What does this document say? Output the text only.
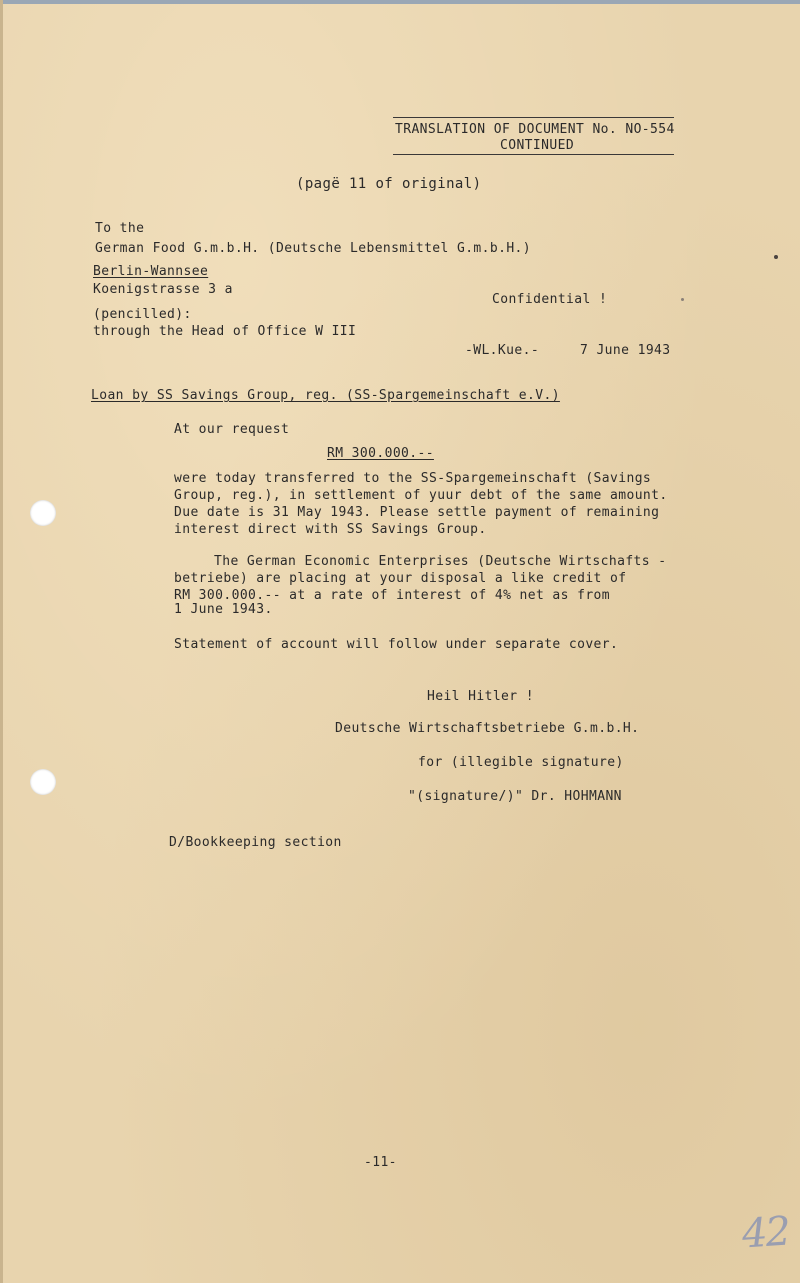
TRANSLATION OF DOCUMENT No. NO-554
CONTINUED
(pagë 11 of original)
To the
German Food G.m.b.H. (Deutsche Lebensmittel G.m.b.H.)
Berlin-Wannsee
Koenigstrasse 3 a
Confidential !
(pencilled):
through the Head of Office W III
-WL.Kue.-	7 June 1943
Loan by SS Savings Group, reg. (SS-Spargemeinschaft e.V.)
At our request
RM 300.000.--
were today transferred to the SS-Spargemeinschaft (Savings
Group, reg.), in settlement of yuur debt of the same amount.
Due date is 31 May 1943. Please settle payment of remaining
interest direct with SS Savings Group.
The German Economic Enterprises (Deutsche Wirtschafts -
betriebe) are placing at your disposal a like credit of
RM 300.000.-- at a rate of interest of 4% net as from
1 June 1943.
Statement of account will follow under separate cover.
Heil Hitler !
Deutsche Wirtschaftsbetriebe G.m.b.H.
for (illegible signature)
"(signature/)" Dr. HOHMANN
D/Bookkeeping section
-11-
42
